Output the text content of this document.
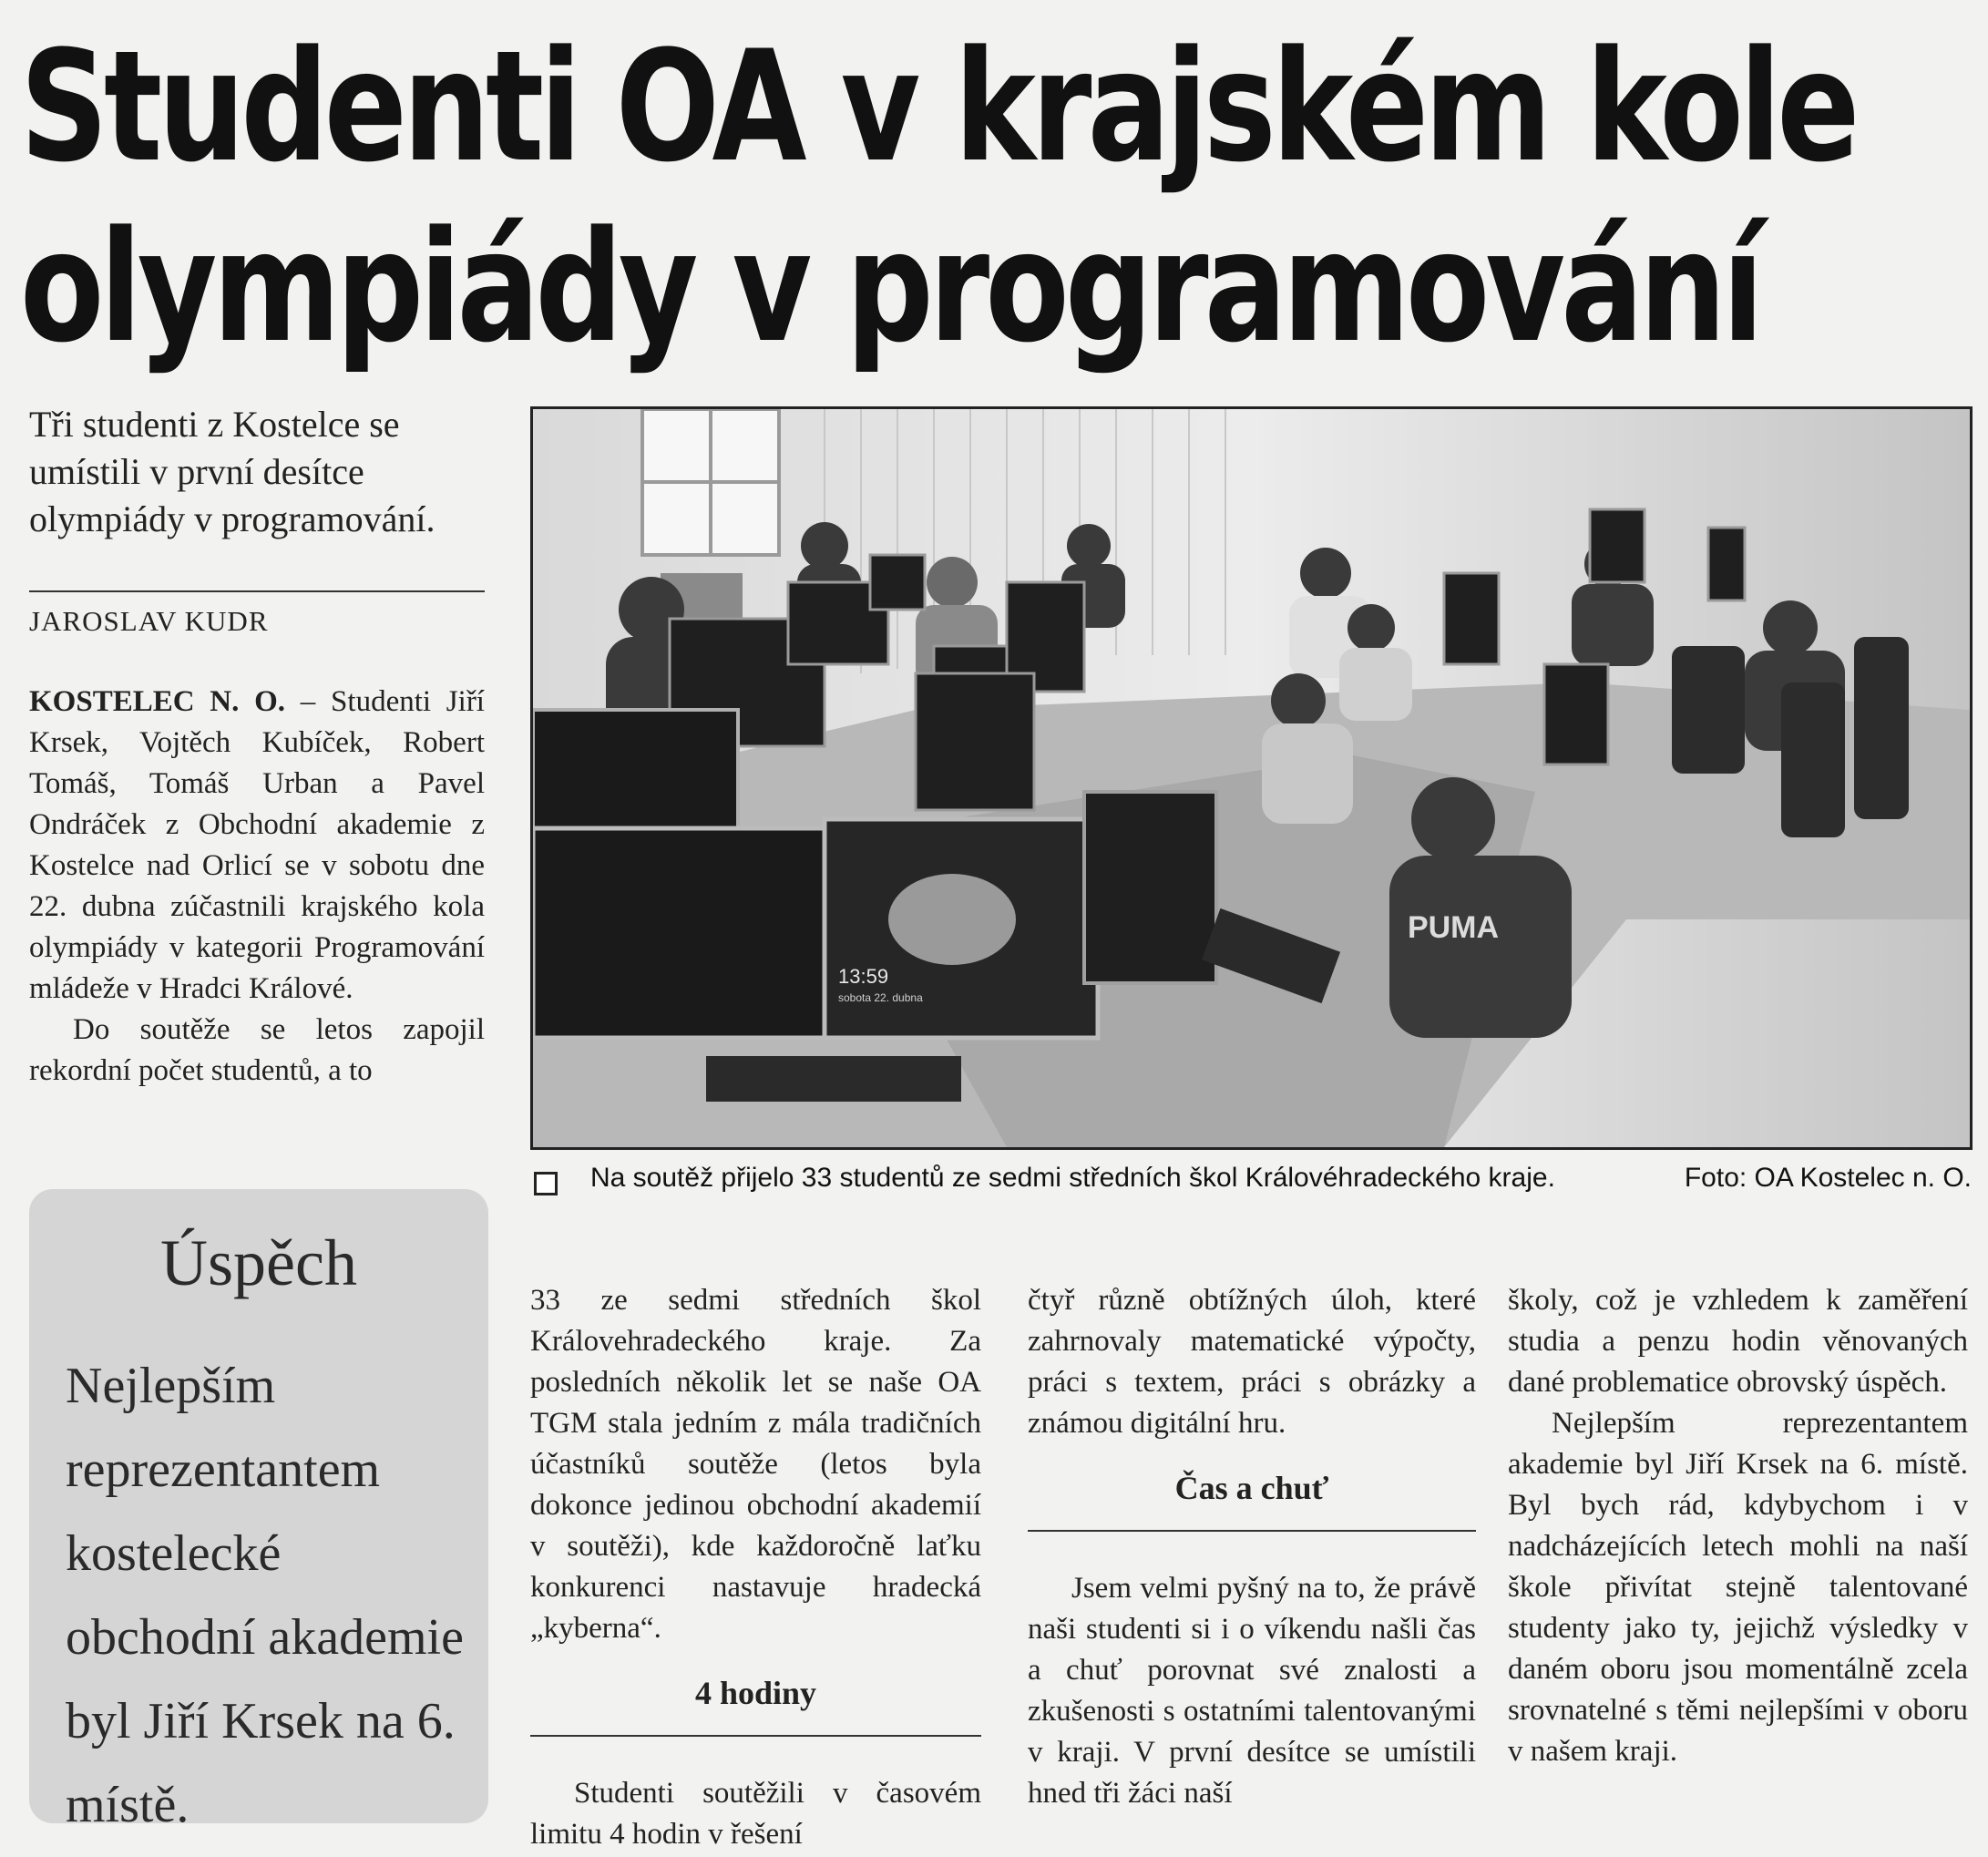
Studenti OA v krajském kole
olympiády v programování
Tři studenti z Kostelce se umístili v první desítce olympiády v programování.
JAROSLAV KUDR

KOSTELEC N. O. – Studenti Jiří Krsek, Vojtěch Kubíček, Robert Tomáš, Tomáš Urban a Pavel Ondráček z Obchodní akademie z Kostelce nad Orlicí se v sobotu dne 22. dubna zúčastnili krajského kola olympiády v kategorii Programování mládeže v Hradci Králové.

Do soutěže se letos zapojil rekordní počet studentů, a to

PUMA
13:59
sobota 22. dubna
Na soutěž přijelo 33 studentů ze sedmi středních škol Královéhradeckého kraje.	Foto: OA Kostelec n. O.
Úspěch
Nejlepším reprezentantem kostelecké obchodní akademie byl Jiří Krsek na 6. místě.

33 ze sedmi středních škol Královehradeckého kraje. Za posledních několik let se naše OA TGM stala jedním z mála tradičních účastníků soutěže (letos byla dokonce jedinou obchodní akademií v soutěži), kde každoročně laťku konkurenci nastavuje hradecká „kyberna“.

4 hodiny

Studenti soutěžili v časovém limitu 4 hodin v řešení

čtyř různě obtížných úloh, které zahrnovaly matematické výpočty, práci s textem, práci s obrázky a známou digitální hru.

Čas a chuť

Jsem velmi pyšný na to, že právě naši studenti si i o víkendu našli čas a chuť porovnat své znalosti a zkušenosti s ostatními talentovanými v kraji. V první desítce se umístili hned tři žáci naší

školy, což je vzhledem k zaměření studia a penzu hodin věnovaných dané problematice obrovský úspěch.

Nejlepším reprezentantem akademie byl Jiří Krsek na 6. místě. Byl bych rád, kdybychom i v nadcházejících letech mohli na naší škole přivítat stejně talentované studenty jako ty, jejichž výsledky v daném oboru jsou momentálně zcela srovnatelné s těmi nejlepšími v oboru v našem kraji.
